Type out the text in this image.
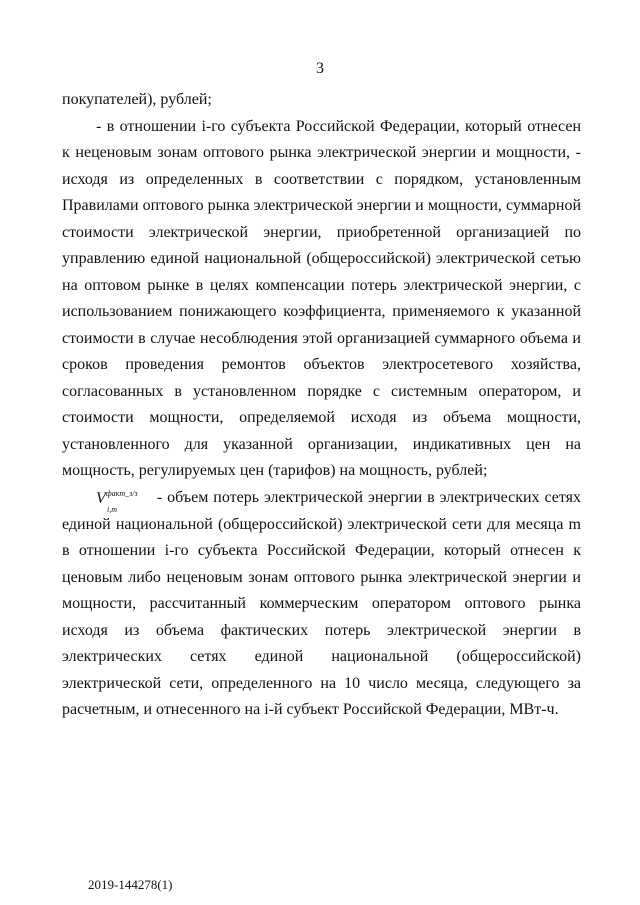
3

покупателей), рублей;

- в отношении i-го субъекта Российской Федерации, который отнесен к неценовым зонам оптового рынка электрической энергии и мощности, - исходя из определенных в соответствии с порядком, установленным Правилами оптового рынка электрической энергии и мощности, суммарной стоимости электрической энергии, приобретенной организацией по управлению единой национальной (общероссийской) электрической сетью на оптовом рынке в целях компенсации потерь электрической энергии, с использованием понижающего коэффициента, применяемого к указанной стоимости в случае несоблюдения этой организацией суммарного объема и сроков проведения ремонтов объектов электросетевого хозяйства, согласованных в установленном порядке с системным оператором, и стоимости мощности, определяемой исходя из объема мощности, установленного для указанной организации, индикативных цен на мощность, регулируемых цен (тарифов) на мощность, рублей;

V факт_з/з
i,m
- объем потерь электрической энергии в электрических сетях единой национальной (общероссийской) электрической сети для месяца m в отношении i-го субъекта Российской Федерации, который отнесен к ценовым либо неценовым зонам оптового рынка электрической энергии и мощности, рассчитанный коммерческим оператором оптового рынка исходя из объема фактических потерь электрической энергии в электрических сетях единой национальной (общероссийской) электрической сети, определенного на 10 число месяца, следующего за расчетным, и отнесенного на i-й субъект Российской Федерации, МВт-ч.

2019-144278(1)
